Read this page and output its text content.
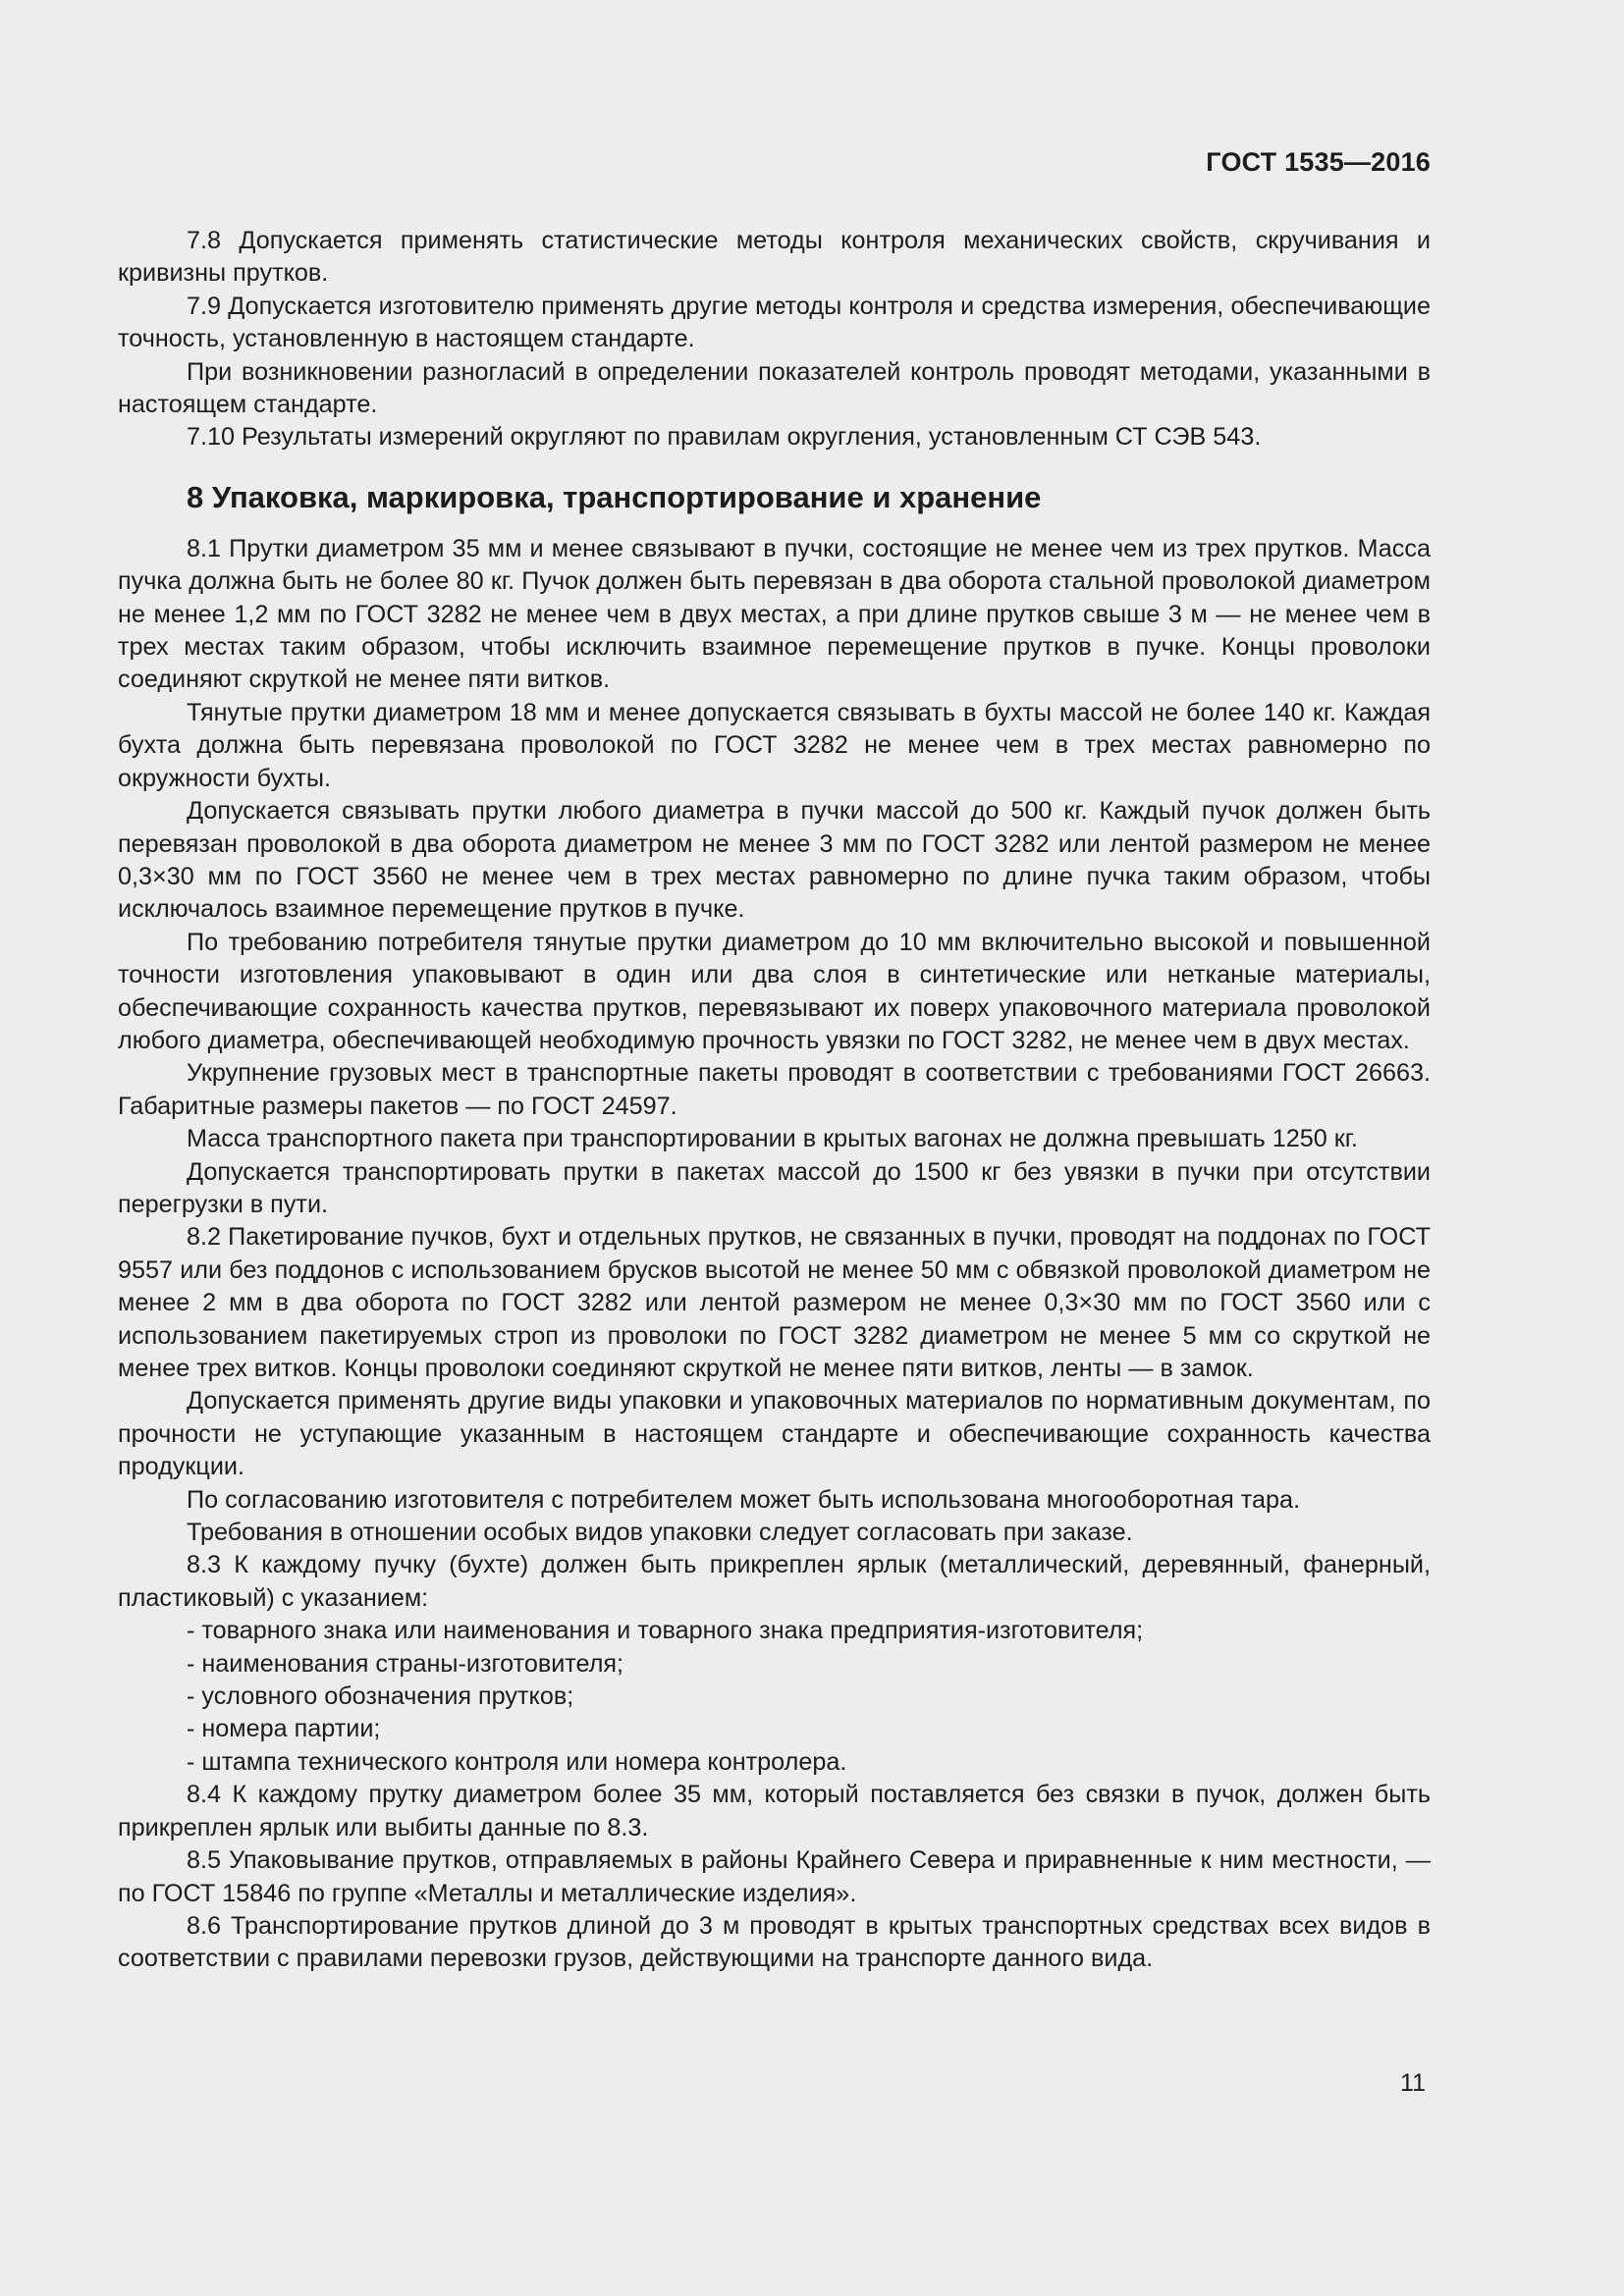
ГОСТ 1535—2016

7.8 Допускается применять статистические методы контроля механических свойств, скручивания и кривизны прутков.

7.9 Допускается изготовителю применять другие методы контроля и средства измерения, обеспечивающие точность, установленную в настоящем стандарте.

При возникновении разногласий в определении показателей контроль проводят методами, указанными в настоящем стандарте.

7.10 Результаты измерений округляют по правилам округления, установленным СТ СЭВ 543.

8 Упаковка, маркировка, транспортирование и хранение

8.1 Прутки диаметром 35 мм и менее связывают в пучки, состоящие не менее чем из трех прутков. Масса пучка должна быть не более 80 кг. Пучок должен быть перевязан в два оборота стальной проволокой диаметром не менее 1,2 мм по ГОСТ 3282 не менее чем в двух местах, а при длине прутков свыше 3 м — не менее чем в трех местах таким образом, чтобы исключить взаимное перемещение прутков в пучке. Концы проволоки соединяют скруткой не менее пяти витков.

Тянутые прутки диаметром 18 мм и менее допускается связывать в бухты массой не более 140 кг. Каждая бухта должна быть перевязана проволокой по ГОСТ 3282 не менее чем в трех местах равномерно по окружности бухты.

Допускается связывать прутки любого диаметра в пучки массой до 500 кг. Каждый пучок должен быть перевязан проволокой в два оборота диаметром не менее 3 мм по ГОСТ 3282 или лентой размером не менее 0,3×30 мм по ГОСТ 3560 не менее чем в трех местах равномерно по длине пучка таким образом, чтобы исключалось взаимное перемещение прутков в пучке.

По требованию потребителя тянутые прутки диаметром до 10 мм включительно высокой и повышенной точности изготовления упаковывают в один или два слоя в синтетические или нетканые материалы, обеспечивающие сохранность качества прутков, перевязывают их поверх упаковочного материала проволокой любого диаметра, обеспечивающей необходимую прочность увязки по ГОСТ 3282, не менее чем в двух местах.

Укрупнение грузовых мест в транспортные пакеты проводят в соответствии с требованиями ГОСТ 26663. Габаритные размеры пакетов — по ГОСТ 24597.

Масса транспортного пакета при транспортировании в крытых вагонах не должна превышать 1250 кг.

Допускается транспортировать прутки в пакетах массой до 1500 кг без увязки в пучки при отсутствии перегрузки в пути.

8.2 Пакетирование пучков, бухт и отдельных прутков, не связанных в пучки, проводят на поддонах по ГОСТ 9557 или без поддонов с использованием брусков высотой не менее 50 мм с обвязкой проволокой диаметром не менее 2 мм в два оборота по ГОСТ 3282 или лентой размером не менее 0,3×30 мм по ГОСТ 3560 или с использованием пакетируемых строп из проволоки по ГОСТ 3282 диаметром не менее 5 мм со скруткой не менее трех витков. Концы проволоки соединяют скруткой не менее пяти витков, ленты — в замок.

Допускается применять другие виды упаковки и упаковочных материалов по нормативным документам, по прочности не уступающие указанным в настоящем стандарте и обеспечивающие сохранность качества продукции.

По согласованию изготовителя с потребителем может быть использована многооборотная тара.

Требования в отношении особых видов упаковки следует согласовать при заказе.

8.3 К каждому пучку (бухте) должен быть прикреплен ярлык (металлический, деревянный, фанерный, пластиковый) с указанием:

- товарного знака или наименования и товарного знака предприятия-изготовителя;
- наименования страны-изготовителя;
- условного обозначения прутков;
- номера партии;
- штампа технического контроля или номера контролера.

8.4 К каждому прутку диаметром более 35 мм, который поставляется без связки в пучок, должен быть прикреплен ярлык или выбиты данные по 8.3.

8.5 Упаковывание прутков, отправляемых в районы Крайнего Севера и приравненные к ним местности, — по ГОСТ 15846 по группе «Металлы и металлические изделия».

8.6 Транспортирование прутков длиной до 3 м проводят в крытых транспортных средствах всех видов в соответствии с правилами перевозки грузов, действующими на транспорте данного вида.

11
